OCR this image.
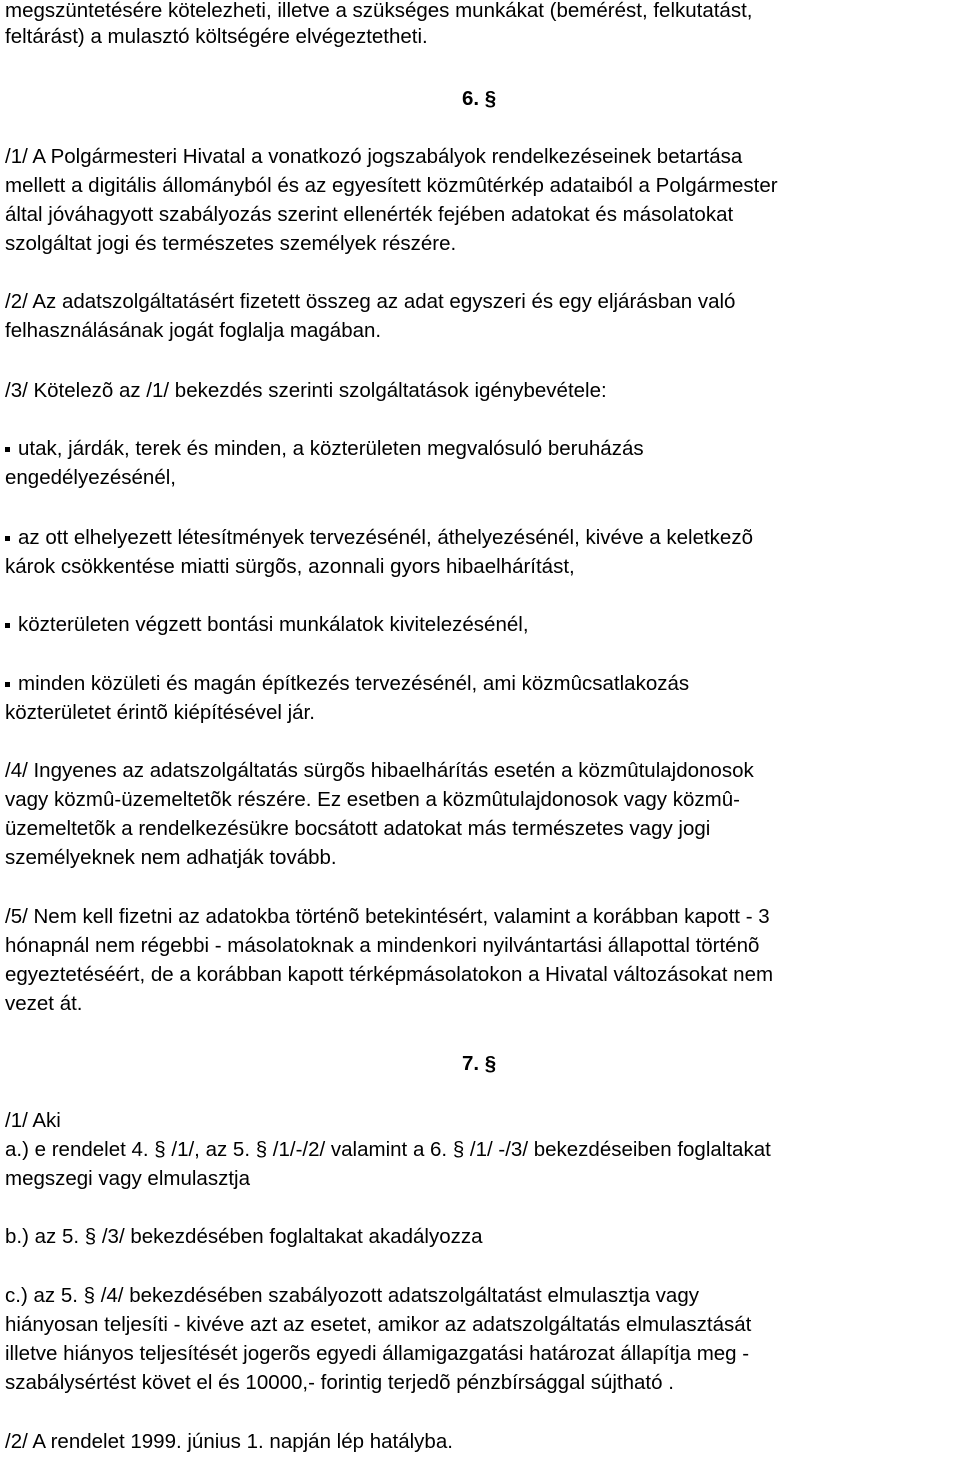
megszüntetésére kötelezheti, illetve a szükséges munkákat (bemérést, felkutatást,
feltárást) a mulasztó költségére elvégeztetheti.
6. §
/1/ A Polgármesteri Hivatal a vonatkozó jogszabályok rendelkezéseinek betartása
mellett a digitális állományból és az egyesített közmûtérkép adataiból a Polgármester
által jóváhagyott szabályozás szerint ellenérték fejében adatokat és másolatokat
szolgáltat jogi és természetes személyek részére.
/2/ Az adatszolgáltatásért fizetett összeg az adat egyszeri és egy eljárásban való
felhasználásának jogát foglalja magában.
/3/ Kötelezõ az /1/ bekezdés szerinti szolgáltatások igénybevétele:
utak, járdák, terek és minden, a közterületen megvalósuló beruházás
engedélyezésénél,
az ott elhelyezett létesítmények tervezésénél, áthelyezésénél, kivéve a keletkezõ
károk csökkentése miatti sürgõs, azonnali gyors hibaelhárítást,
közterületen végzett bontási munkálatok kivitelezésénél,
minden közületi és magán építkezés tervezésénél, ami közmûcsatlakozás
közterületet érintõ kiépítésével jár.
/4/ Ingyenes az adatszolgáltatás sürgõs hibaelhárítás esetén a közmûtulajdonosok
vagy közmû-üzemeltetõk részére. Ez esetben a közmûtulajdonosok vagy közmû-
üzemeltetõk a rendelkezésükre bocsátott adatokat más természetes vagy jogi
személyeknek nem adhatják tovább.
/5/ Nem kell fizetni az adatokba történõ betekintésért, valamint a korábban kapott - 3
hónapnál nem régebbi - másolatoknak a mindenkori nyilvántartási állapottal történõ
egyeztetéséért, de a korábban kapott térképmásolatokon a Hivatal változásokat nem
vezet át.
7. §
/1/ Aki
a.) e rendelet 4. § /1/, az 5. § /1/-/2/ valamint a 6. § /1/ -/3/ bekezdéseiben foglaltakat
megszegi vagy elmulasztja
b.) az 5. § /3/ bekezdésében foglaltakat akadályozza
c.) az 5. § /4/ bekezdésében szabályozott adatszolgáltatást elmulasztja vagy
hiányosan teljesíti - kivéve azt az esetet, amikor az adatszolgáltatás elmulasztását
illetve hiányos teljesítését jogerõs egyedi államigazgatási határozat állapítja meg -
szabálysértést követ el és 10000,- forintig terjedõ pénzbírsággal sújtható .
/2/ A rendelet 1999. június 1. napján lép hatályba.
